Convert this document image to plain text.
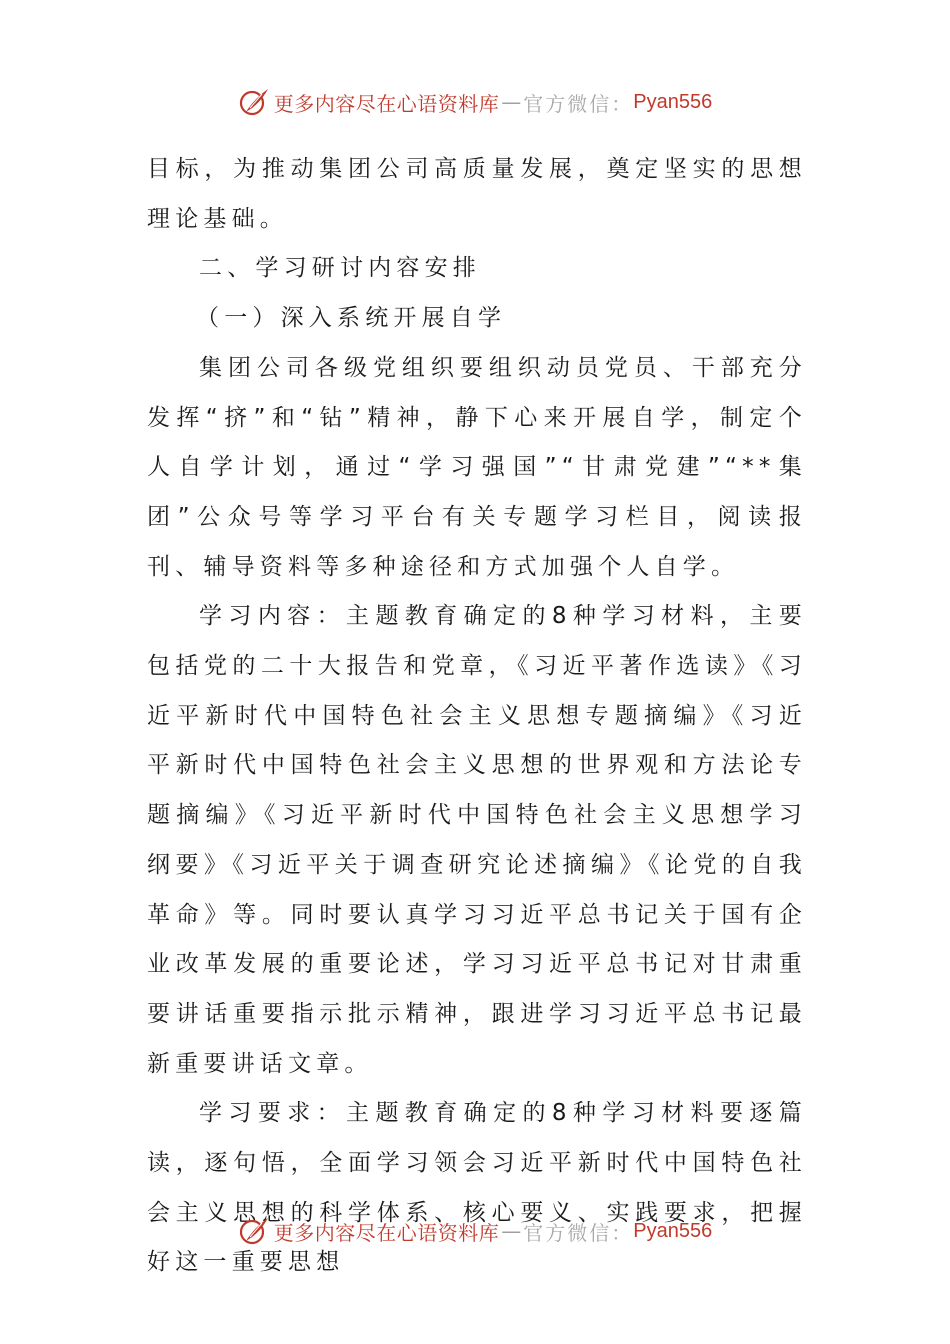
更多内容尽在心语资料库 — 官方微信： Pyan556

目标，为推动集团公司高质量发展，奠定坚实的思想理论基础。

二、学习研讨内容安排

（一）深入系统开展自学

集团公司各级党组织要组织动员党员、干部充分发挥“挤”和“钻”精神，静下心来开展自学，制定个人自学计划，通过“学习强国”“甘肃党建”“**集团”公众号等学习平台有关专题学习栏目，阅读报刊、辅导资料等多种途径和方式加强个人自学。

学习内容：主题教育确定的8种学习材料，主要包括党的二十大报告和党章，《习近平著作选读》《习近平新时代中国特色社会主义思想专题摘编》《习近平新时代中国特色社会主义思想的世界观和方法论专题摘编》《习近平新时代中国特色社会主义思想学习纲要》《习近平关于调查研究论述摘编》《论党的自我革命》等。同时要认真学习习近平总书记关于国有企业改革发展的重要论述，学习习近平总书记对甘肃重要讲话重要指示批示精神，跟进学习习近平总书记最新重要讲话文章。

学习要求：主题教育确定的8种学习材料要逐篇读，逐句悟，全面学习领会习近平新时代中国特色社会主义思想的科学体系、核心要义、实践要求，把握好这一重要思想

更多内容尽在心语资料库 — 官方微信： Pyan556
